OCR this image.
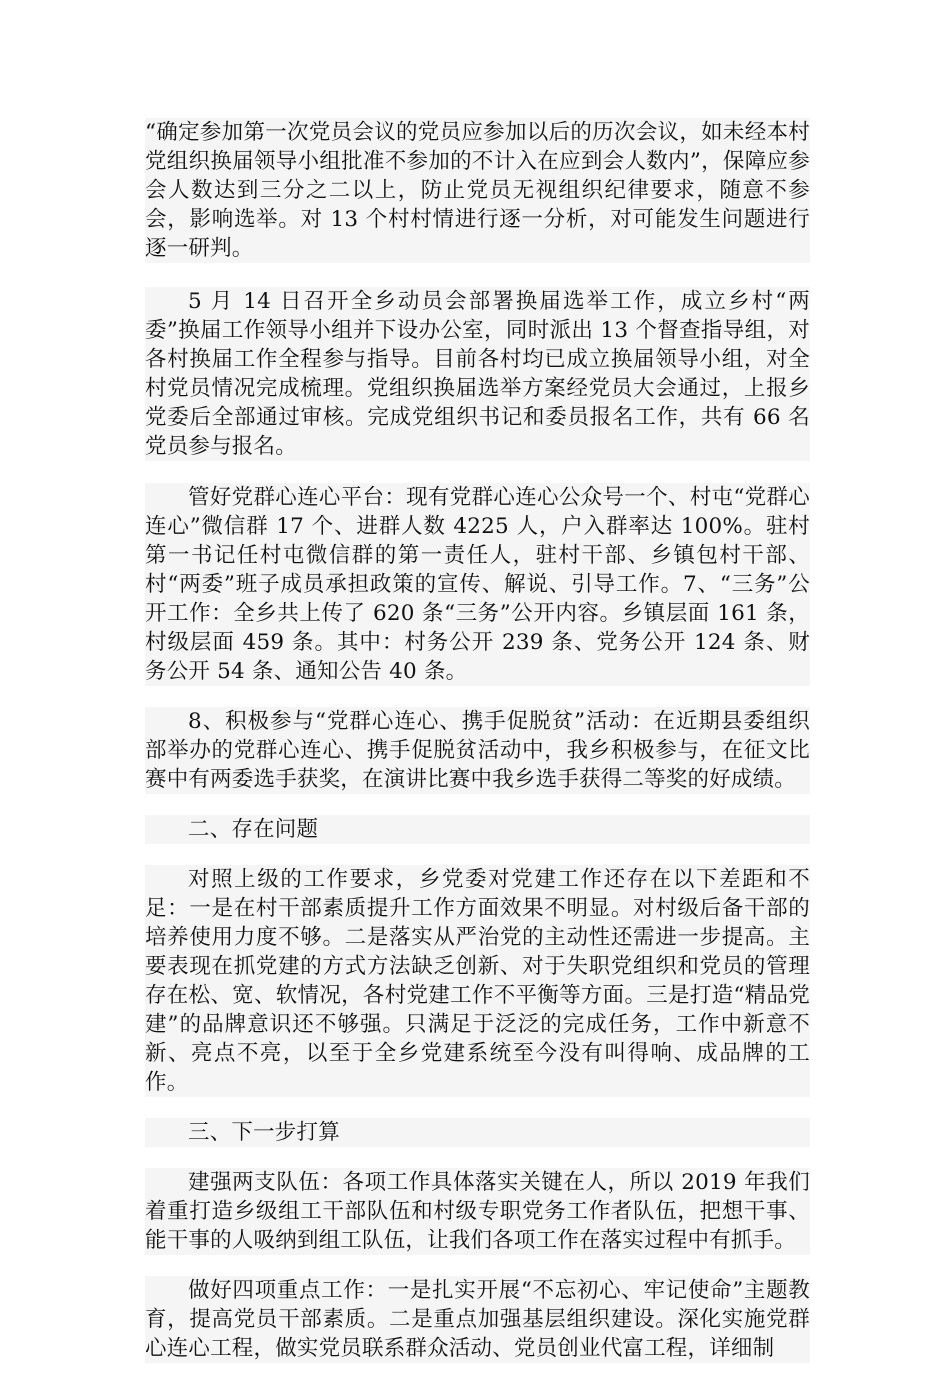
“确定参加第一次党员会议的党员应参加以后的历次会议，如未经本村党组织换届领导小组批准不参加的不计入在应到会人数内”，保障应参会人数达到三分之二以上，防止党员无视组织纪律要求，随意不参会，影响选举。对 13 个村村情进行逐一分析，对可能发生问题进行逐一研判。

5 月 14 日召开全乡动员会部署换届选举工作，成立乡村“两委”换届工作领导小组并下设办公室，同时派出 13 个督查指导组，对各村换届工作全程参与指导。目前各村均已成立换届领导小组，对全村党员情况完成梳理。党组织换届选举方案经党员大会通过，上报乡党委后全部通过审核。完成党组织书记和委员报名工作，共有 66 名党员参与报名。

管好党群心连心平台：现有党群心连心公众号一个、村屯“党群心连心”微信群 17 个、进群人数 4225 人，户入群率达 100%。驻村第一书记任村屯微信群的第一责任人，驻村干部、乡镇包村干部、村“两委”班子成员承担政策的宣传、解说、引导工作。7、“三务”公开工作：全乡共上传了 620 条“三务”公开内容。乡镇层面 161 条，村级层面 459 条。其中：村务公开 239 条、党务公开 124 条、财务公开 54 条、通知公告 40 条。

8、积极参与“党群心连心、携手促脱贫”活动：在近期县委组织部举办的党群心连心、携手促脱贫活动中，我乡积极参与，在征文比赛中有两委选手获奖，在演讲比赛中我乡选手获得二等奖的好成绩。

二、存在问题

对照上级的工作要求，乡党委对党建工作还存在以下差距和不足：一是在村干部素质提升工作方面效果不明显。对村级后备干部的培养使用力度不够。二是落实从严治党的主动性还需进一步提高。主要表现在抓党建的方式方法缺乏创新、对于失职党组织和党员的管理存在松、宽、软情况，各村党建工作不平衡等方面。三是打造“精品党建”的品牌意识还不够强。只满足于泛泛的完成任务，工作中新意不新、亮点不亮，以至于全乡党建系统至今没有叫得响、成品牌的工作。

三、下一步打算

建强两支队伍：各项工作具体落实关键在人，所以 2019 年我们着重打造乡级组工干部队伍和村级专职党务工作者队伍，把想干事、能干事的人吸纳到组工队伍，让我们各项工作在落实过程中有抓手。

做好四项重点工作：一是扎实开展“不忘初心、牢记使命”主题教育，提高党员干部素质。二是重点加强基层组织建设。深化实施党群心连心工程，做实党员联系群众活动、党员创业代富工程，详细制
